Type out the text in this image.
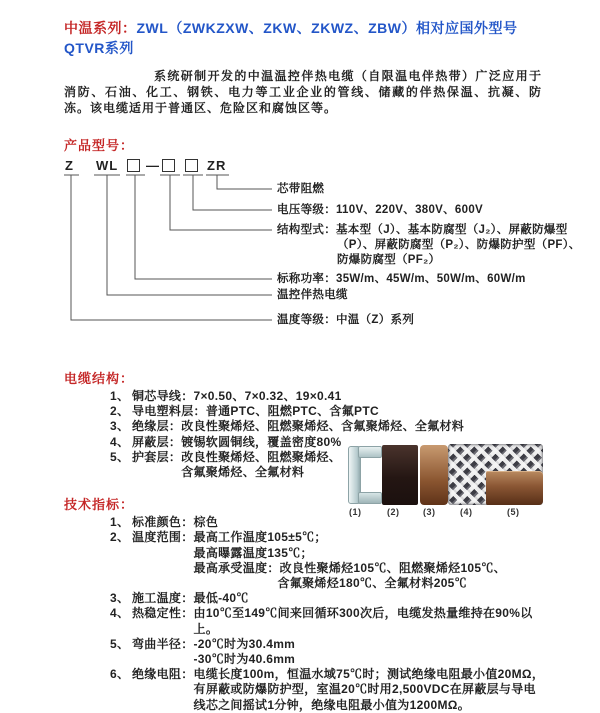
中温系列：ZWL（ZWKZXW、ZKW、ZKWZ、ZBW）相对应国外型号QTVR系列
系统研制开发的中温温控伴热电缆（自限温电伴热带）广泛应用于消防、石油、化工、钢铁、电力等工业企业的管线、储藏的伴热保温、抗凝、防冻。该电缆适用于普通区、危险区和腐蚀区等。
产品型号：
Z WL —	ZR
芯带阻燃
电压等级：110V、220V、380V、600V
结构型式：基本型（J）、基本防腐型（J₂）、屏蔽防爆型
（P）、屏蔽防腐型（P₂）、防爆防护型（PF）、
防爆防腐型（PF₂）
标称功率：35W/m、45W/m、50W/m、60W/m
温控伴热电缆
温度等级：中温（Z）系列
电缆结构：
1、 铜芯导线： 7×0.50、7×0.32、19×0.41
2、 导电塑料层： 普通PTC、阻燃PTC、含氟PTC
3、 绝缘层： 改良性聚烯烃、阻燃聚烯烃、含氟聚烯烃、全氟材料
4、 屏蔽层： 镀锡软圆铜线，覆盖密度80%
5、 护套层： 改良性聚烯烃、阻燃聚烯烃、
含氟聚烯烃、全氟材料
技术指标：
1、 标准颜色： 棕色
2、 温度范围： 最高工作温度105±5℃；
最高曝露温度135℃；
最高承受温度：改良性聚烯烃105℃、阻燃聚烯烃105℃、
含氟聚烯烃180℃、全氟材料205℃
3、 施工温度： 最低-40℃
4、 热稳定性： 由10℃至149℃间来回循环300次后，电缆发热量维持在90%以上。
5、 弯曲半径： -20℃时为30.4mm
-30℃时为40.6mm
6、 绝缘电阻： 电缆长度100m，恒温水域75℃时；测试绝缘电阻最小值20MΩ，有屏蔽或防爆防护型，室温20℃时用2,500VDC在屏蔽层与导电线芯之间摇试1分钟，绝缘电阻最小值为1200MΩ。
(1)	(2)	(3)	(4)	(5)
